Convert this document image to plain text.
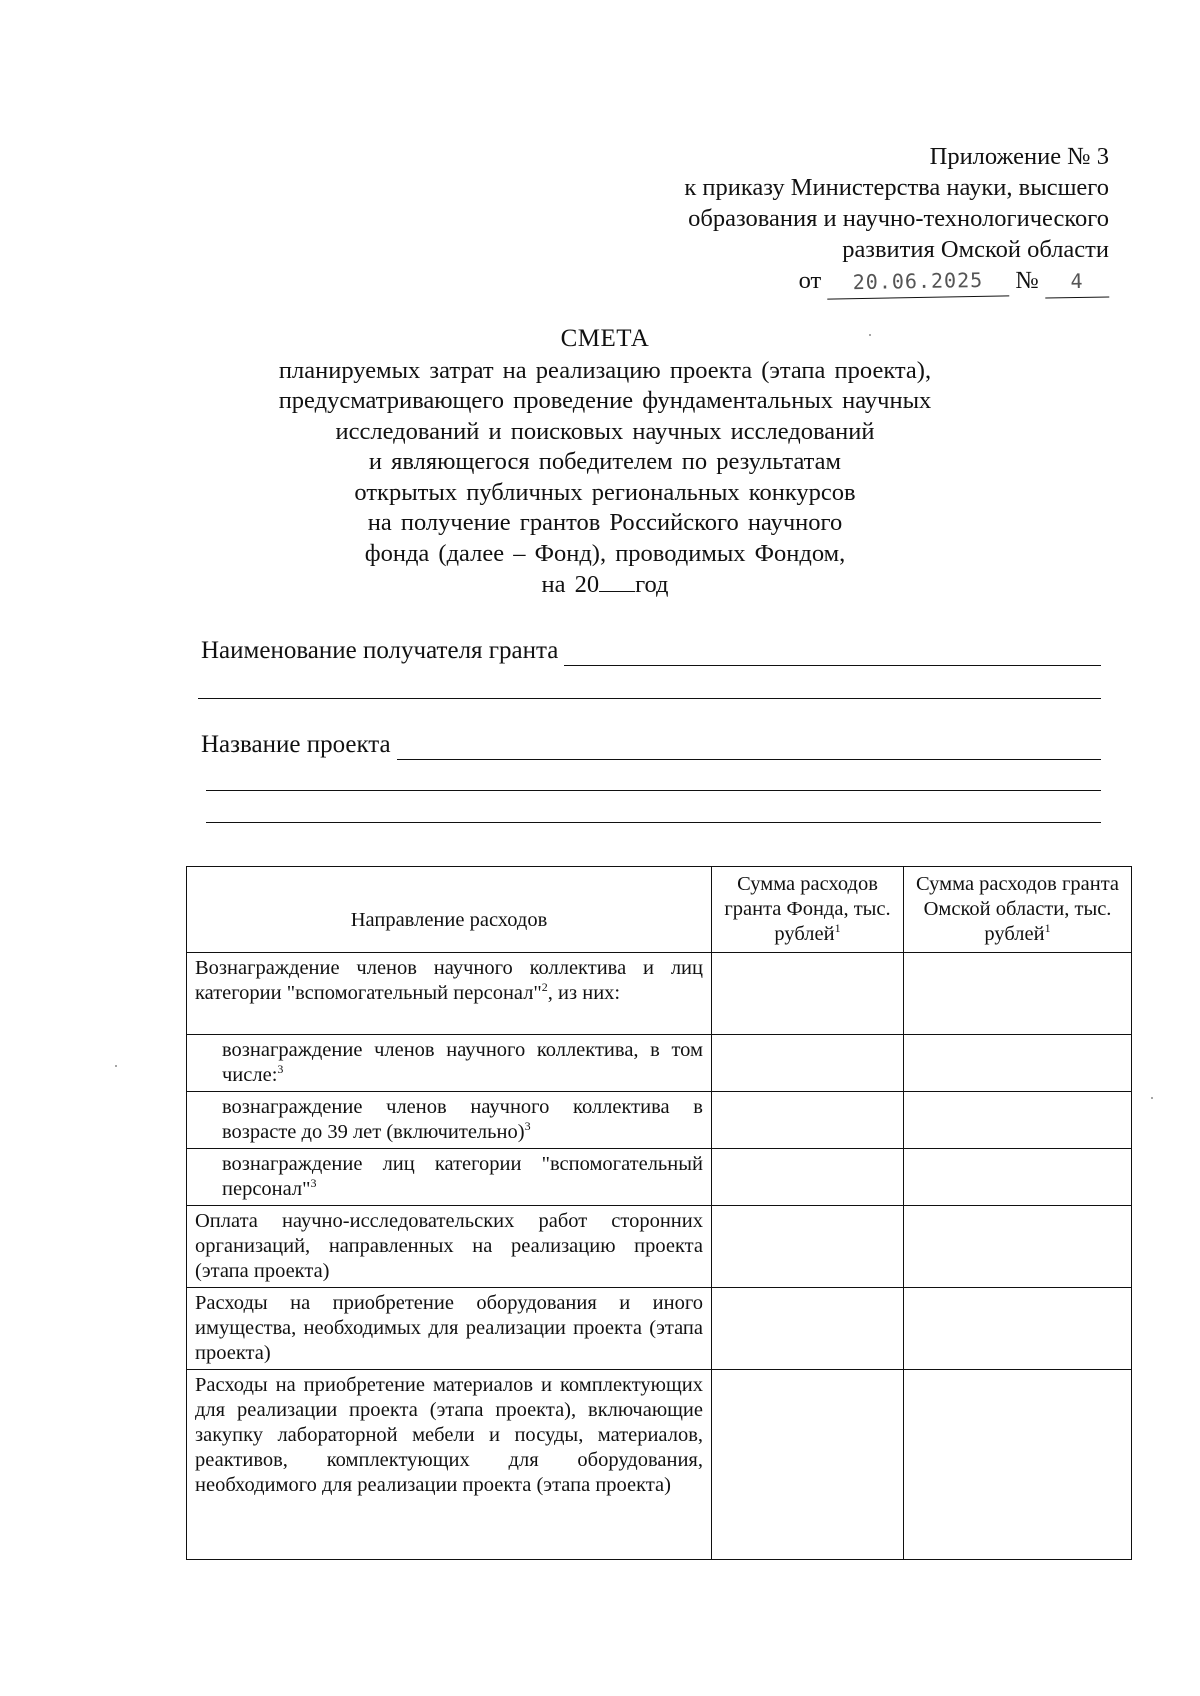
Приложение № 3
к приказу Министерства науки, высшего
образования и научно-технологического
развития Омской области
от 20.06.2025 № 4
СМЕТА
планируемых затрат на реализацию проекта (этапа проекта),
предусматривающего проведение фундаментальных научных
исследований и поисковых научных исследований
и являющегося победителем по результатам
открытых публичных региональных конкурсов
на получение грантов Российского научного
фонда (далее – Фонд), проводимых Фондом,
на 20 год
Наименование получателя гранта
Название проекта
Направление расходов	Сумма расходов гранта Фонда, тыс. рублей$^1$	Сумма расходов гранта Омской области, тыс. рублей$^1$
Вознаграждение членов научного коллектива и лиц категории "вспомогательный персонал"$^2$, из них:		
вознаграждение членов научного коллектива, в том числе:$^3$		
вознаграждение членов научного коллектива в возрасте до 39 лет (включительно)$^3$		
вознаграждение лиц категории "вспомогательный персонал"$^3$		
Оплата научно-исследовательских работ сторонних организаций, направленных на реализацию проекта (этапа проекта)		
Расходы на приобретение оборудования и иного имущества, необходимых для реализации проекта (этапа проекта)		
Расходы на приобретение материалов и комплектующих для реализации проекта (этапа проекта), включающие закупку лабораторной мебели и посуды, материалов, реактивов, комплектующих для оборудования, необходимого для реализации проекта (этапа проекта)		
